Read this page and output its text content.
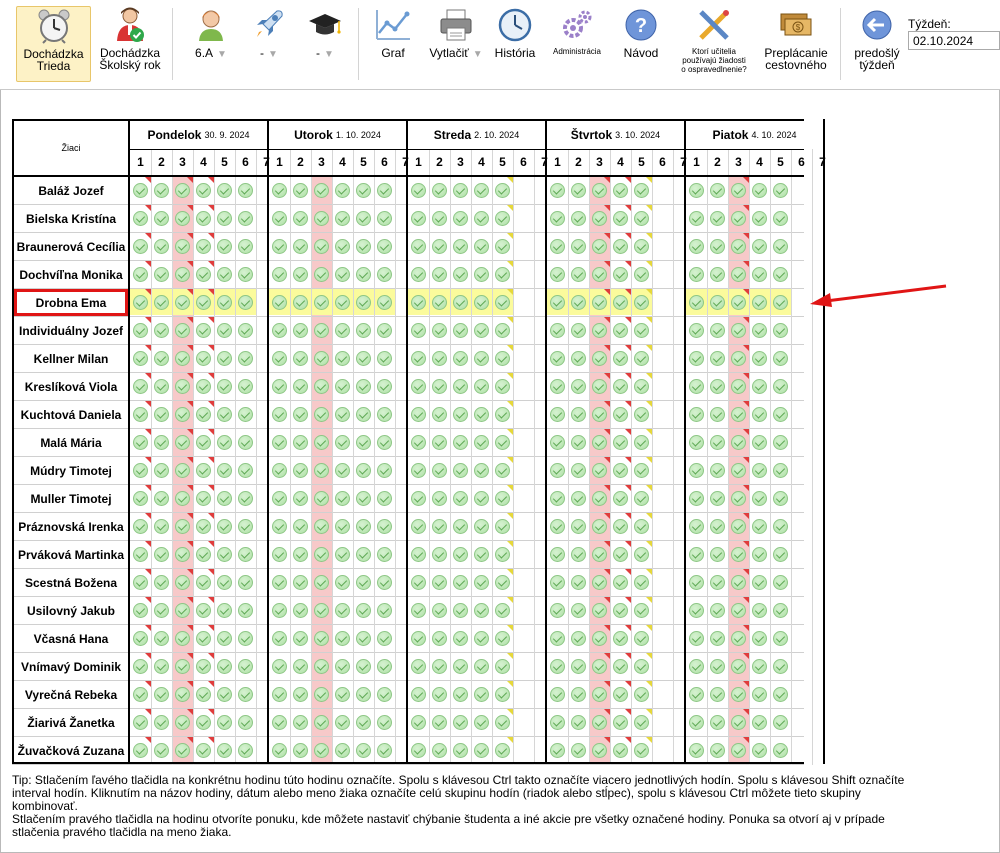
Dochádzka
Trieda
Dochádzka
Školský rok
6.A ▼	- ▼	- ▼	Graf Vytlačiť ▼ História Administrácia
?
Návod	Ktorí učitelia
používajú žiadosti
o ospravedlnenie?
$
Preplácanie
cestovného
predošlý
týždeň
Týždeň:
02.10.2024
Žiaci
Pondelok 30. 9. 2024
1	2	3	4	5	6	7
Utorok 1. 10. 2024
1	2	3	4	5	6	7
Streda 2. 10. 2024
1	2	3	4	5	6	7
Štvrtok 3. 10. 2024
1	2	3	4	5	6	7
Piatok 4. 10. 2024
1	2	3	4	5	6	7
Baláž Jozef
Bielska Kristína
Braunerová Cecília
Dochvíľna Monika
Drobna Ema
Individuálny Jozef
Kellner Milan
Kreslíková Viola
Kuchtová Daniela
Malá Mária
Múdry Timotej
Muller Timotej
Práznovská Irenka
Prváková Martinka
Scestná Božena
Usilovný Jakub
Včasná Hana
Vnímavý Dominik
Vyrečná Rebeka
Žiarivá Žanetka
Žuvačková Zuzana

Tip: Stlačením ľavého tlačidla na konkrétnu hodinu túto hodinu označíte. Spolu s klávesou Ctrl takto označíte viacero jednotlivých hodín. Spolu s klávesou Shift označíte interval hodín. Kliknutím na názov hodiny, dátum alebo meno žiaka označíte celú skupinu hodín (riadok alebo stĺpec), spolu s klávesou Ctrl môžete tieto skupiny kombinovať.

Stlačením pravého tlačidla na hodinu otvoríte ponuku, kde môžete nastaviť chýbanie študenta a iné akcie pre všetky označené hodiny. Ponuka sa otvorí aj v prípade stlačenia pravého tlačidla na meno žiaka.
